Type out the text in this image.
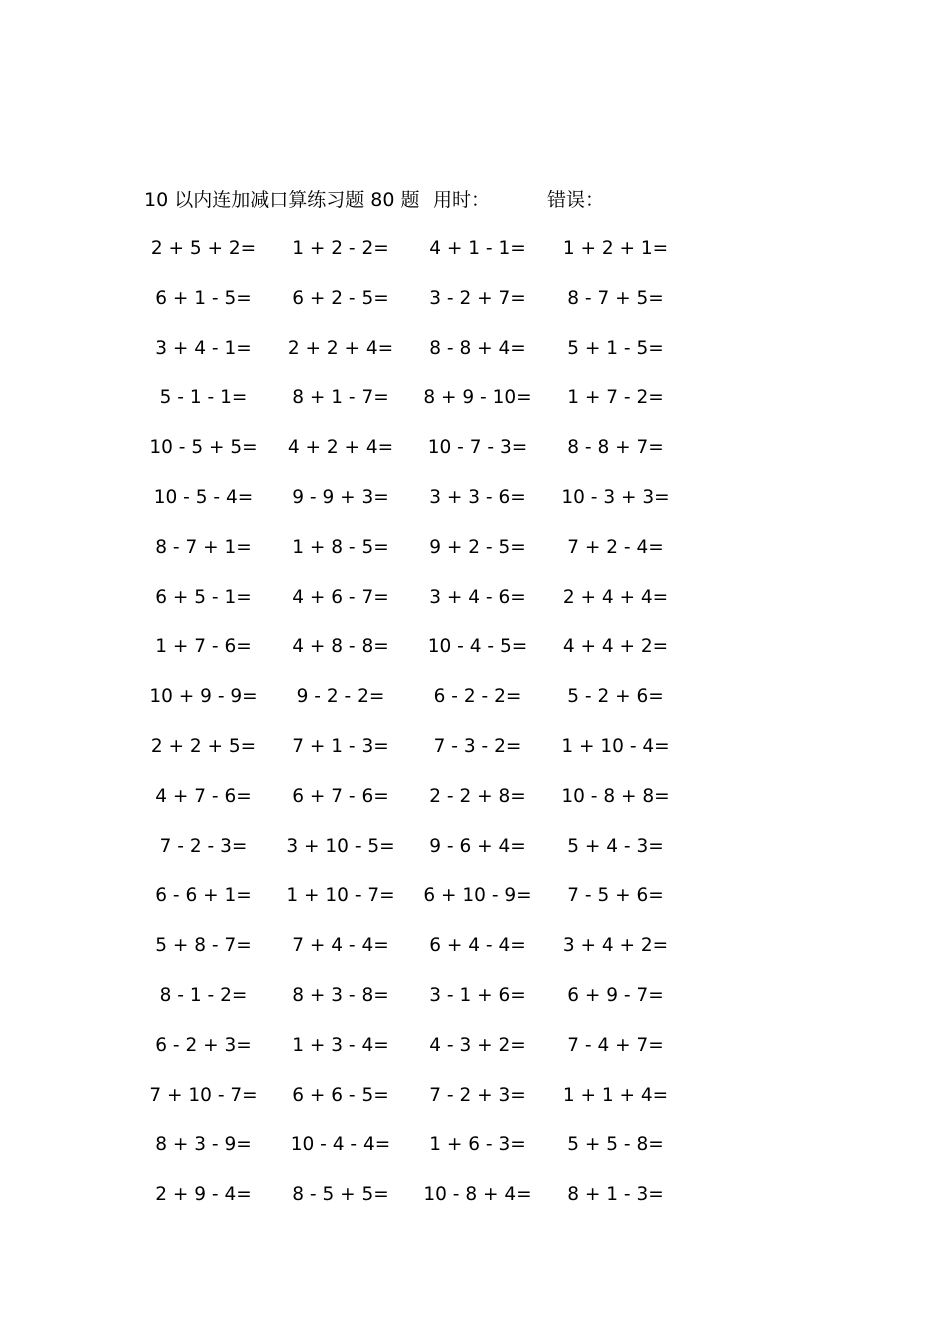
10 以内连加减口算练习题 80 题 用时：	错误：
2 + 5 + 2=	1 + 2 - 2=	4 + 1 - 1=	1 + 2 + 1=
6 + 1 - 5=	6 + 2 - 5=	3 - 2 + 7=	8 - 7 + 5=
3 + 4 - 1=	2 + 2 + 4=	8 - 8 + 4=	5 + 1 - 5=
5 - 1 - 1=	8 + 1 - 7=	8 + 9 - 10=	1 + 7 - 2=
10 - 5 + 5=	4 + 2 + 4=	10 - 7 - 3=	8 - 8 + 7=
10 - 5 - 4=	9 - 9 + 3=	3 + 3 - 6=	10 - 3 + 3=
8 - 7 + 1=	1 + 8 - 5=	9 + 2 - 5=	7 + 2 - 4=
6 + 5 - 1=	4 + 6 - 7=	3 + 4 - 6=	2 + 4 + 4=
1 + 7 - 6=	4 + 8 - 8=	10 - 4 - 5=	4 + 4 + 2=
10 + 9 - 9=	9 - 2 - 2=	6 - 2 - 2=	5 - 2 + 6=
2 + 2 + 5=	7 + 1 - 3=	7 - 3 - 2=	1 + 10 - 4=
4 + 7 - 6=	6 + 7 - 6=	2 - 2 + 8=	10 - 8 + 8=
7 - 2 - 3=	3 + 10 - 5=	9 - 6 + 4=	5 + 4 - 3=
6 - 6 + 1=	1 + 10 - 7=	6 + 10 - 9=	7 - 5 + 6=
5 + 8 - 7=	7 + 4 - 4=	6 + 4 - 4=	3 + 4 + 2=
8 - 1 - 2=	8 + 3 - 8=	3 - 1 + 6=	6 + 9 - 7=
6 - 2 + 3=	1 + 3 - 4=	4 - 3 + 2=	7 - 4 + 7=
7 + 10 - 7=	6 + 6 - 5=	7 - 2 + 3=	1 + 1 + 4=
8 + 3 - 9=	10 - 4 - 4=	1 + 6 - 3=	5 + 5 - 8=
2 + 9 - 4=	8 - 5 + 5=	10 - 8 + 4=	8 + 1 - 3=
